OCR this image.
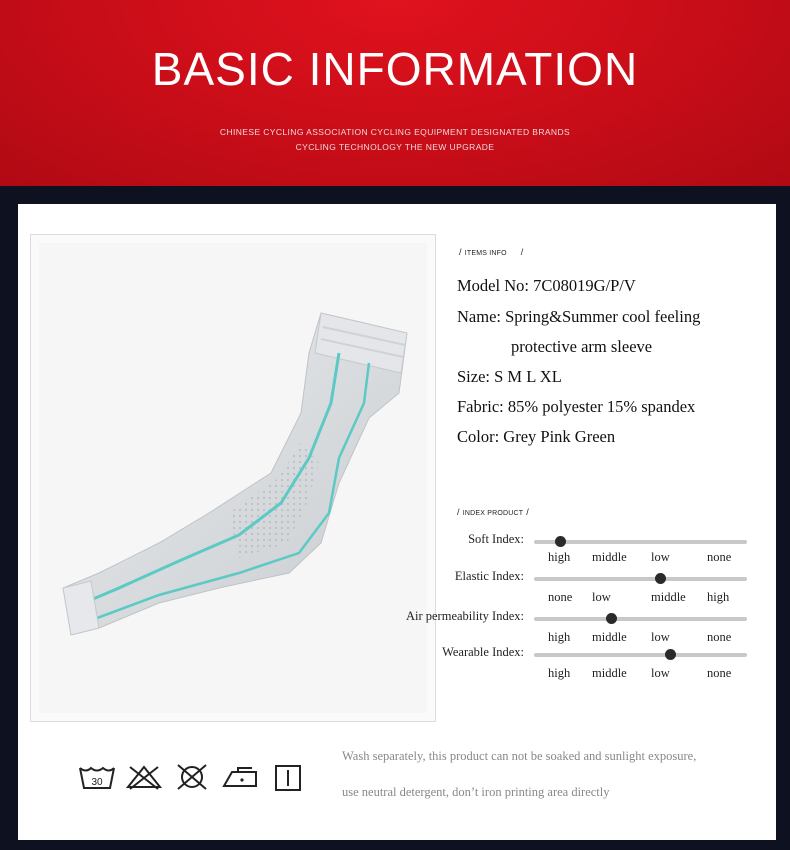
BASIC INFORMATION
CHINESE CYCLING ASSOCIATION CYCLING EQUIPMENT DESIGNATED BRANDS
CYCLING TECHNOLOGY THE NEW UPGRADE
/ ITEMS INFO /
Model No: 7C08019G/P/V
Name: Spring&Summer cool feeling
protective arm sleeve
Size: S M L XL
Fabric: 85% polyester 15% spandex
Color: Grey Pink Green
/ INDEX PRODUCT /
Soft Index:
high middle low	none
Elastic Index:
none low	middle high
Air permeability Index:
high middle low	none
Wearable Index:
high middle low	none
30
Wash separately, this product can not be soaked and sunlight exposure,
use neutral detergent, don’t iron printing area directly
